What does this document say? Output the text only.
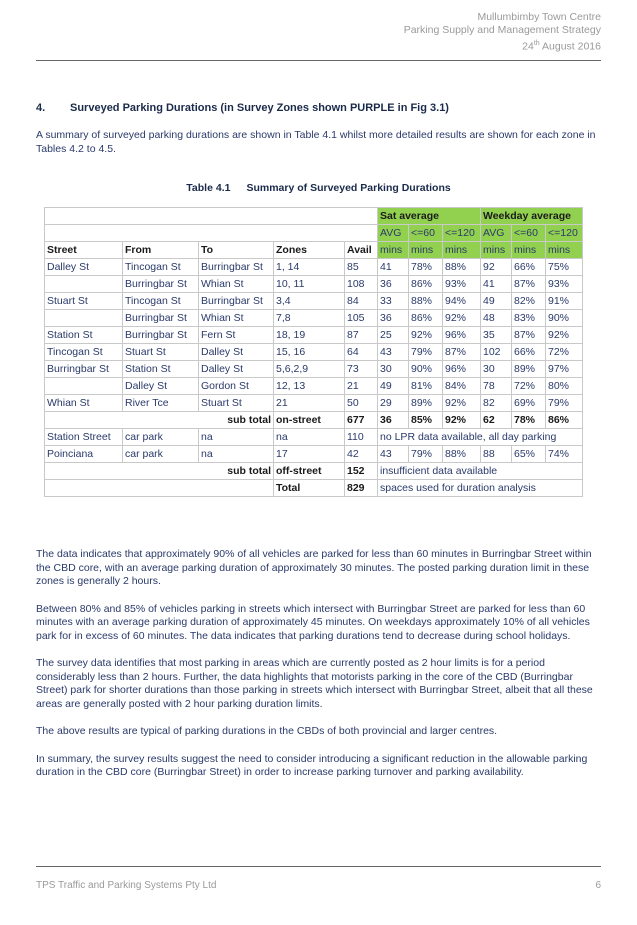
Mullumbimby Town Centre
Parking Supply and Management Strategy
24th August 2016
4. Surveyed Parking Durations (in Survey Zones shown PURPLE in Fig 3.1)
A summary of surveyed parking durations are shown in Table 4.1 whilst more detailed results are shown for each zone in Tables 4.2 to 4.5.
Table 4.1 Summary of Surveyed Parking Durations
					Sat average			Weekday average		
					AVG	<=60	<=120	AVG	<=60	<=120
Street	From	To	Zones	Avail	mins	mins	mins	mins	mins	mins
Dalley St	Tincogan St	Burringbar St	1, 14	85	41	78%	88%	92	66%	75%
	Burringbar St	Whian St	10, 11	108	36	86%	93%	41	87%	93%
Stuart St	Tincogan St	Burringbar St	3,4	84	33	88%	94%	49	82%	91%
	Burringbar St	Whian St	7,8	105	36	86%	92%	48	83%	90%
Station St	Burringbar St	Fern St	18, 19	87	25	92%	96%	35	87%	92%
Tincogan St	Stuart St	Dalley St	15, 16	64	43	79%	87%	102	66%	72%
Burringbar St	Station St	Dalley St	5,6,2,9	73	30	90%	96%	30	89%	97%
	Dalley St	Gordon St	12, 13	21	49	81%	84%	78	72%	80%
Whian St	River Tce	Stuart St	21	50	29	89%	92%	82	69%	79%
sub total			on-street	677	36	85%	92%	62	78%	86%
Station Street	car park	na	na	110	no LPR data available, all day parking					
Poinciana	car park	na	17	42	43	79%	88%	88	65%	74%
sub total			off-street	152	insufficient data available					
			Total	829	spaces used for duration analysis					

The data indicates that approximately 90% of all vehicles are parked for less than 60 minutes in Burringbar Street within the CBD core, with an average parking duration of approximately 30 minutes. The posted parking duration limit in these zones is generally 2 hours.

Between 80% and 85% of vehicles parking in streets which intersect with Burringbar Street are parked for less than 60 minutes with an average parking duration of approximately 45 minutes. On weekdays approximately 10% of all vehicles park for in excess of 60 minutes. The data indicates that parking durations tend to decrease during school holidays.

The survey data identifies that most parking in areas which are currently posted as 2 hour limits is for a period considerably less than 2 hours. Further, the data highlights that motorists parking in the core of the CBD (Burringbar Street) park for shorter durations than those parking in streets which intersect with Burringbar Street, albeit that all these areas are generally posted with 2 hour parking duration limits.

The above results are typical of parking durations in the CBDs of both provincial and larger centres.

In summary, the survey results suggest the need to consider introducing a significant reduction in the allowable parking duration in the CBD core (Burringbar Street) in order to increase parking turnover and parking availability.

TPS Traffic and Parking Systems Pty Ltd	6
